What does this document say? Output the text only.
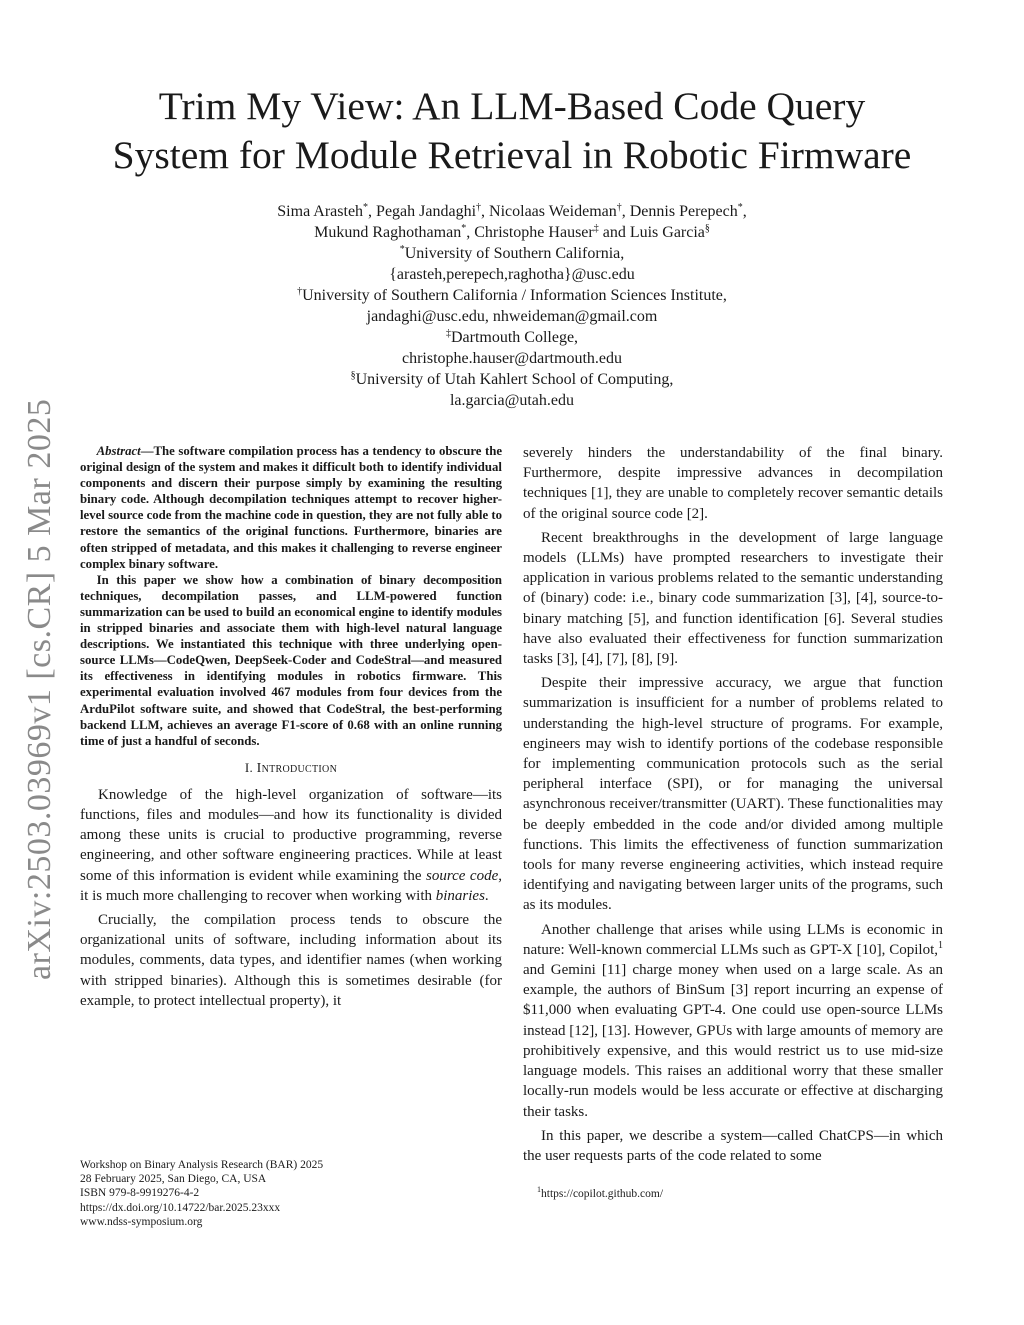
arXiv:2503.03969v1 [cs.CR] 5 Mar 2025
Trim My View: An LLM-Based Code Query
System for Module Retrieval in Robotic Firmware
Sima Arasteh*, Pegah Jandaghi†, Nicolaas Weideman†, Dennis Perepech*,
Mukund Raghothaman*, Christophe Hauser‡ and Luis Garcia§
*University of Southern California,
{arasteh,perepech,raghotha}@usc.edu
†University of Southern California / Information Sciences Institute,
jandaghi@usc.edu, nhweideman@gmail.com
‡Dartmouth College,
christophe.hauser@dartmouth.edu
§University of Utah Kahlert School of Computing,
la.garcia@utah.edu

Abstract—The software compilation process has a tendency to obscure the original design of the system and makes it difficult both to identify individual components and discern their purpose simply by examining the resulting binary code. Although decompilation techniques attempt to recover higher-level source code from the machine code in question, they are not fully able to restore the semantics of the original functions. Furthermore, binaries are often stripped of metadata, and this makes it challenging to reverse engineer complex binary software.

In this paper we show how a combination of binary decomposition techniques, decompilation passes, and LLM-powered function summarization can be used to build an economical engine to identify modules in stripped binaries and associate them with high-level natural language descriptions. We instantiated this technique with three underlying open-source LLMs—CodeQwen, DeepSeek-Coder and CodeStral—and measured its effectiveness in identifying modules in robotics firmware. This experimental evaluation involved 467 modules from four devices from the ArduPilot software suite, and showed that CodeStral, the best-performing backend LLM, achieves an average F1-score of 0.68 with an online running time of just a handful of seconds.

I. Introduction

Knowledge of the high-level organization of software—its functions, files and modules—and how its functionality is divided among these units is crucial to productive programming, reverse engineering, and other software engineering practices. While at least some of this information is evident while examining the source code, it is much more challenging to recover when working with binaries.

Crucially, the compilation process tends to obscure the organizational units of software, including information about its modules, comments, data types, and identifier names (when working with stripped binaries). Although this is sometimes desirable (for example, to protect intellectual property), it

severely hinders the understandability of the final binary. Furthermore, despite impressive advances in decompilation techniques [1], they are unable to completely recover semantic details of the original source code [2].

Recent breakthroughs in the development of large language models (LLMs) have prompted researchers to investigate their application in various problems related to the semantic understanding of (binary) code: i.e., binary code summarization [3], [4], source-to-binary matching [5], and function identification [6]. Several studies have also evaluated their effectiveness for function summarization tasks [3], [4], [7], [8], [9].

Despite their impressive accuracy, we argue that function summarization is insufficient for a number of problems related to understanding the high-level structure of programs. For example, engineers may wish to identify portions of the codebase responsible for implementing communication protocols such as the serial peripheral interface (SPI), or for managing the universal asynchronous receiver/transmitter (UART). These functionalities may be deeply embedded in the code and/or divided among multiple functions. This limits the effectiveness of function summarization tools for many reverse engineering activities, which instead require identifying and navigating between larger units of the programs, such as its modules.

Another challenge that arises while using LLMs is economic in nature: Well-known commercial LLMs such as GPT-X [10], Copilot,$^1$ and Gemini [11] charge money when used on a large scale. As an example, the authors of BinSum [3] report incurring an expense of $11,000 when evaluating GPT-4. One could use open-source LLMs instead [12], [13]. However, GPUs with large amounts of memory are prohibitively expensive, and this would restrict us to use mid-size language models. This raises an additional worry that these smaller locally-run models would be less accurate or effective at discharging their tasks.

In this paper, we describe a system—called ChatCPS—in which the user requests parts of the code related to some

Workshop on Binary Analysis Research (BAR) 2025
28 February 2025, San Diego, CA, USA
ISBN 979-8-9919276-4-2
https://dx.doi.org/10.14722/bar.2025.23xxx
www.ndss-symposium.org
$^1$https://copilot.github.com/
